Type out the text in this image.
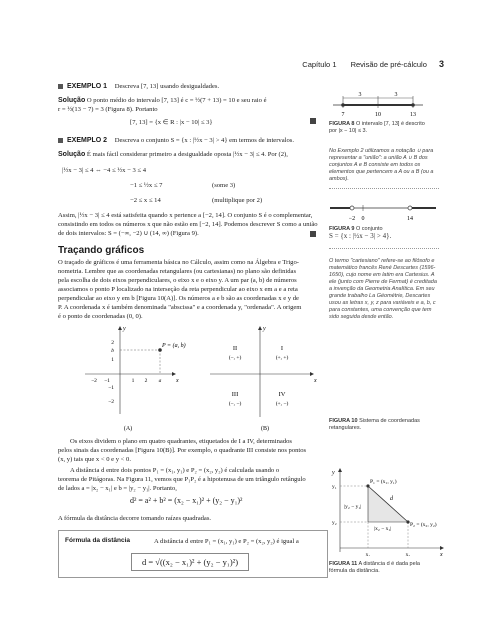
Capítulo 1 Revisão de pré-cálculo 3
EXEMPLO 1 Descreva [7, 13] usando desigualdades.
Solução O ponto médio do intervalo [7, 13] é c = ½(7 + 13) = 10 e seu raio é
r = ½(13 − 7) = 3 (Figura 8). Portanto
[7, 13] = {x ∈ R : |x − 10| ≤ 3}
3	3
7	10	13
FIGURA 8 O intervalo [7, 13] é descrito por |x − 10| ≤ 3.
EXEMPLO 2 Descreva o conjunto S = {x : |½x − 3| > 4} em termos de intervalos.
Solução É mais fácil considerar primeiro a desigualdade oposta |½x − 3| ≤ 4. Por (2),
|½x − 3| ≤ 4 ⇔ −4 ≤ ½x − 3 ≤ 4
−1 ≤ ½x ≤ 7	(some 3)
−2 ≤ x ≤ 14	(multiplique por 2)
Assim, |½x − 3| ≤ 4 está satisfeita quando x pertence a [−2, 14]. O conjunto S é o complementar, consistindo em todos os números x que não estão em [−2, 14]. Podemos descrever S como a união de dois intervalos: S = (−∞, −2) ∪ (14, ∞) (Figura 9).
No Exemplo 2 utilizamos a notação ∪ para representar a "união": a união A ∪ B dos conjuntos A e B consiste em todos os elementos que pertencem a A ou a B (ou a ambos).
−2 0	14
FIGURA 9 O conjunto
S = {x : |½x − 3| > 4}.
O termo "cartesiano" refere-se ao filósofo e matemático francês René Descartes (1596-1650), cujo nome em latim era Cartesius. A ele (junto com Pierre de Fermat) é creditada a invenção da Geometria Analítica. Em seu grande trabalho La Géométrie, Descartes usou as letras x, y, z para variáveis e a, b, c para constantes, uma convenção que tem sido seguida desde então.
Traçando gráficos
O traçado de gráficos é uma ferramenta básica no Cálculo, assim como na Álgebra e Trigo-
nometria. Lembre que as coordenadas retangulares (ou cartesianas) no plano são definidas
pela escolha de dois eixos perpendiculares, o eixo x e o eixo y. A um par (a, b) de números
associamos o ponto P localizado na interseção da reta perpendicular ao eixo x em a e a reta
perpendicular ao eixo y em b [Figura 10(A)]. Os números a e b são as coordenadas x e y de
P. A coordenada x é também denominada "abscissa" e a coordenada y, "ordenada". A origem
é o ponto de coordenadas (0, 0).
P = (a, b)
y
x
2
b
1
−1
−2
−2 −1	1 2 a
(A)
y
x
I
(+, +)
II
(−, +)
III
(−, −)
IV
(+, −)
(B)
FIGURA 10 Sistema de coordenadas retangulares.
Os eixos dividem o plano em quatro quadrantes, etiquetados de I a IV, determinados
pelos sinais das coordenadas [Figura 10(B)]. Por exemplo, o quadrante III consiste nos pontos
(x, y) tais que x < 0 e y < 0.
A distância d entre dois pontos P₁ = (x₁, y₁) e P₂ = (x₂, y₂) é calculada usando o
teorema de Pitágoras. Na Figura 11, vemos que P₁P₂ é a hipotenusa de um triângulo retângulo
de lados a = |x₂ − x₁| e b = |y₂ − y₁|. Portanto,
d² = a² + b² = (x₂ − x₁)² + (y₂ − y₁)²
A fórmula da distância decorre tomando raízes quadradas.
Fórmula da distância	A distância d entre P₁ = (x₁, y₁) e P₂ = (x₂, y₂) é igual a
d = √((x₂ − x₁)² + (y₂ − y₁)²)
y
x
P₁ = (x₁, y₁)
P₂ = (x₂, y₂)
d
|y₂ − y₁|
|x₂ − x₁|
y₁
y₂
x₁	x₂
FIGURA 11 A distância d é dada pela fórmula da distância.
